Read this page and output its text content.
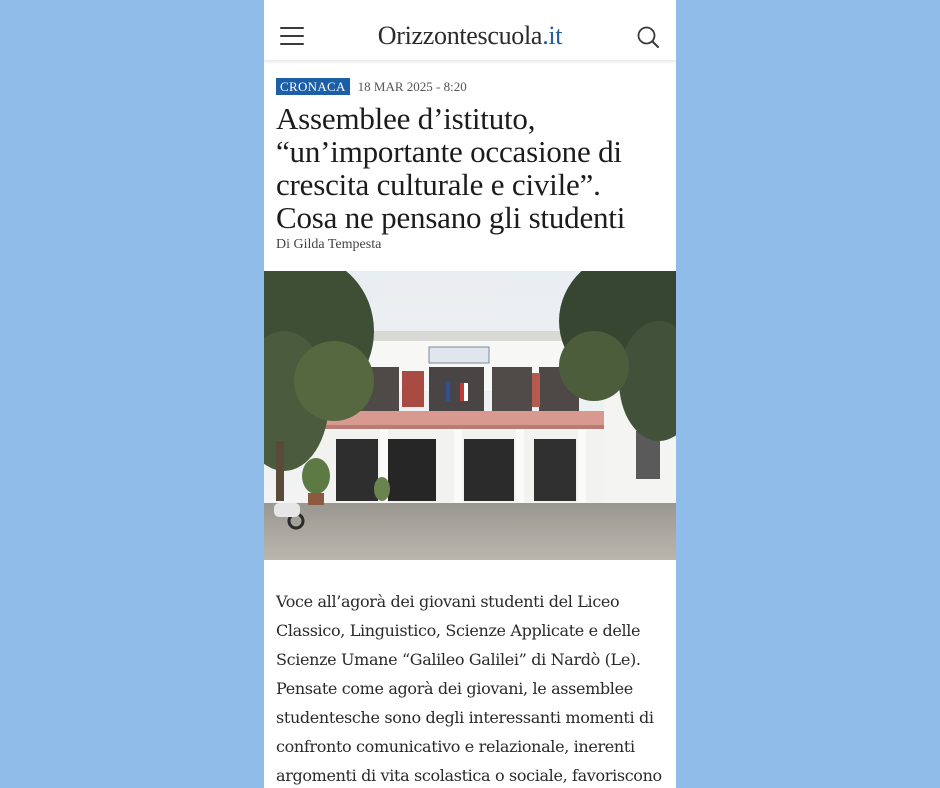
Orizzontescuola.it
CRONACA 18 MAR 2025 - 8:20
Assemblee d’istituto, “un’importante occasione di crescita culturale e civile”. Cosa ne pensano gli studenti
Di Gilda Tempesta

Voce all’agorà dei giovani studenti del Liceo Classico, Linguistico, Scienze Applicate e delle Scienze Umane “Galileo Galilei” di Nardò (Le). Pensate come agorà dei giovani, le assemblee studentesche sono degli interessanti momenti di confronto comunicativo e relazionale, inerenti argomenti di vita scolastica o sociale, favoriscono
